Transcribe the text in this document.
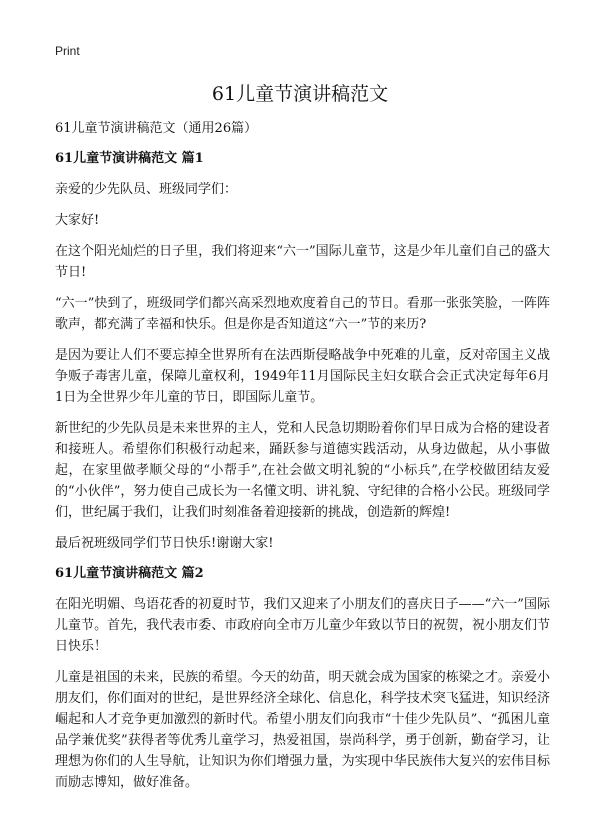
Print
61儿童节演讲稿范文

61儿童节演讲稿范文（通用26篇）

61儿童节演讲稿范文 篇1

亲爱的少先队员、班级同学们：

大家好!

在这个阳光灿烂的日子里，我们将迎来“六一”国际儿童节，这是少年儿童们自己的盛大节日!

“六一”快到了，班级同学们都兴高采烈地欢度着自己的节日。看那一张张笑脸，一阵阵歌声，都充满了幸福和快乐。但是你是否知道这“六一”节的来历?

是因为要让人们不要忘掉全世界所有在法西斯侵略战争中死难的儿童，反对帝国主义战争贩子毒害儿童，保障儿童权利，1949年11月国际民主妇女联合会正式决定每年6月1日为全世界少年儿童的节日，即国际儿童节。

新世纪的少先队员是未来世界的主人，党和人民急切期盼着你们早日成为合格的建设者和接班人。希望你们积极行动起来，踊跃参与道德实践活动，从身边做起，从小事做起，在家里做孝顺父母的“小帮手”,在社会做文明礼貌的“小标兵”,在学校做团结友爱的“小伙伴”，努力使自己成长为一名懂文明、讲礼貌、守纪律的合格小公民。班级同学们，世纪属于我们，让我们时刻准备着迎接新的挑战，创造新的辉煌!

最后祝班级同学们节日快乐!谢谢大家!

61儿童节演讲稿范文 篇2

在阳光明媚、鸟语花香的初夏时节，我们又迎来了小朋友们的喜庆日子——“六一”国际儿童节。首先，我代表市委、市政府向全市万儿童少年致以节日的祝贺，祝小朋友们节日快乐！

儿童是祖国的未来，民族的希望。今天的幼苗，明天就会成为国家的栋梁之才。亲爱小朋友们，你们面对的世纪，是世界经济全球化、信息化，科学技术突飞猛进，知识经济崛起和人才竞争更加激烈的新时代。希望小朋友们向我市“十佳少先队员”、“孤困儿童品学兼优奖”获得者等优秀儿童学习，热爱祖国，崇尚科学，勇于创新，勤奋学习，让理想为你们的人生导航，让知识为你们增强力量，为实现中华民族伟大复兴的宏伟目标而励志博知，做好准备。
